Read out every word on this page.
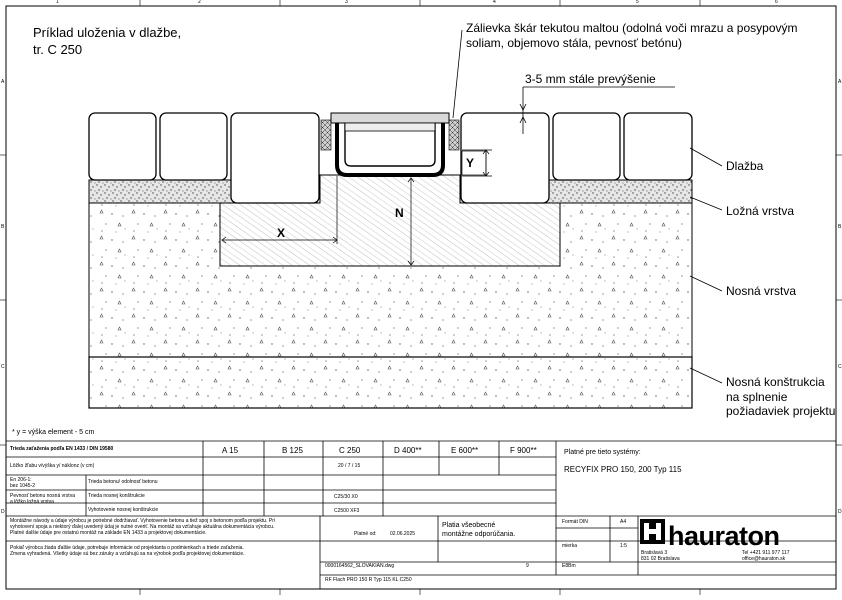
1	2	3	4	5	6
A
B
C
D
A
B
C
D
Príklad uloženia v dlažbe,
tr. C 250
Zálievka škár tekutou maltou (odolná voči mrazu a posypovým
soliam, objemovo stála, pevnosť betónu)
3-5 mm stále prevýšenie
Dlažba
Ložná vrstva
Nosná vrstva
Nosná konštrukcia
na splnenie
požiadaviek projektu
X
Y
N
* y = výška element - 5 cm
Trieda zaťaženia podľa EN 1433 / DIN 19580	A 15	B 125	C 250	D 400**	E 600**	F 900**
Lôžko žľabu v/výška y/ náklonz (v cm)	20 / 7 / 15
En 206-1:
bez 1045-2
Trieda betonu/ odolnosť betonu
Pevnosť betonu nosná vrstva
a lôžko ložná vrstva
Trieda nosnej konštrukcie	C25/30 X0
Vyhotovenie nosnej konštrukcie	C2500 XF3
Platné pre tieto systémy:
RECYFIX PRO 150, 200 Typ 115
Montážne návody a údaje výrobcu je potrebné dodržiavať. Vyhotovenie betonu a tiež spoj s betonom podľa projektu. Pri
vyhotovení spoja a niektorý ďalej uvedený údaj je nutné overiť. Na montáž sa vzťahuje aktuálna dokumentácia výrobcu.
Platné dalšie údaje pre ostatnú montáž na základe EN 1433 a projektovej dokumentácie.
Pokiaľ výrobca žiada ďalšie údaje, potrebuje informácie od projektanta o podmienkach a triede zaťaženia.
Zmena vyhradená. Všetky údaje sú bez záruky a vzťahujú sa na výrobok podľa projektovej dokumentácie.
Platné od:	02.06.2025
Platia všeobecné
montážne odporúčania.
Formát DIN	A4
mierka	1:5
0000164562_SLOVAKIAN.dwg	9	E8Bm
RF Flach PRO 150 R Typ 115 KL C250
hauraton
Bratislavá 3
831 02 Bratislava
Tel +421 911 977 117
office@hauraton.sk
